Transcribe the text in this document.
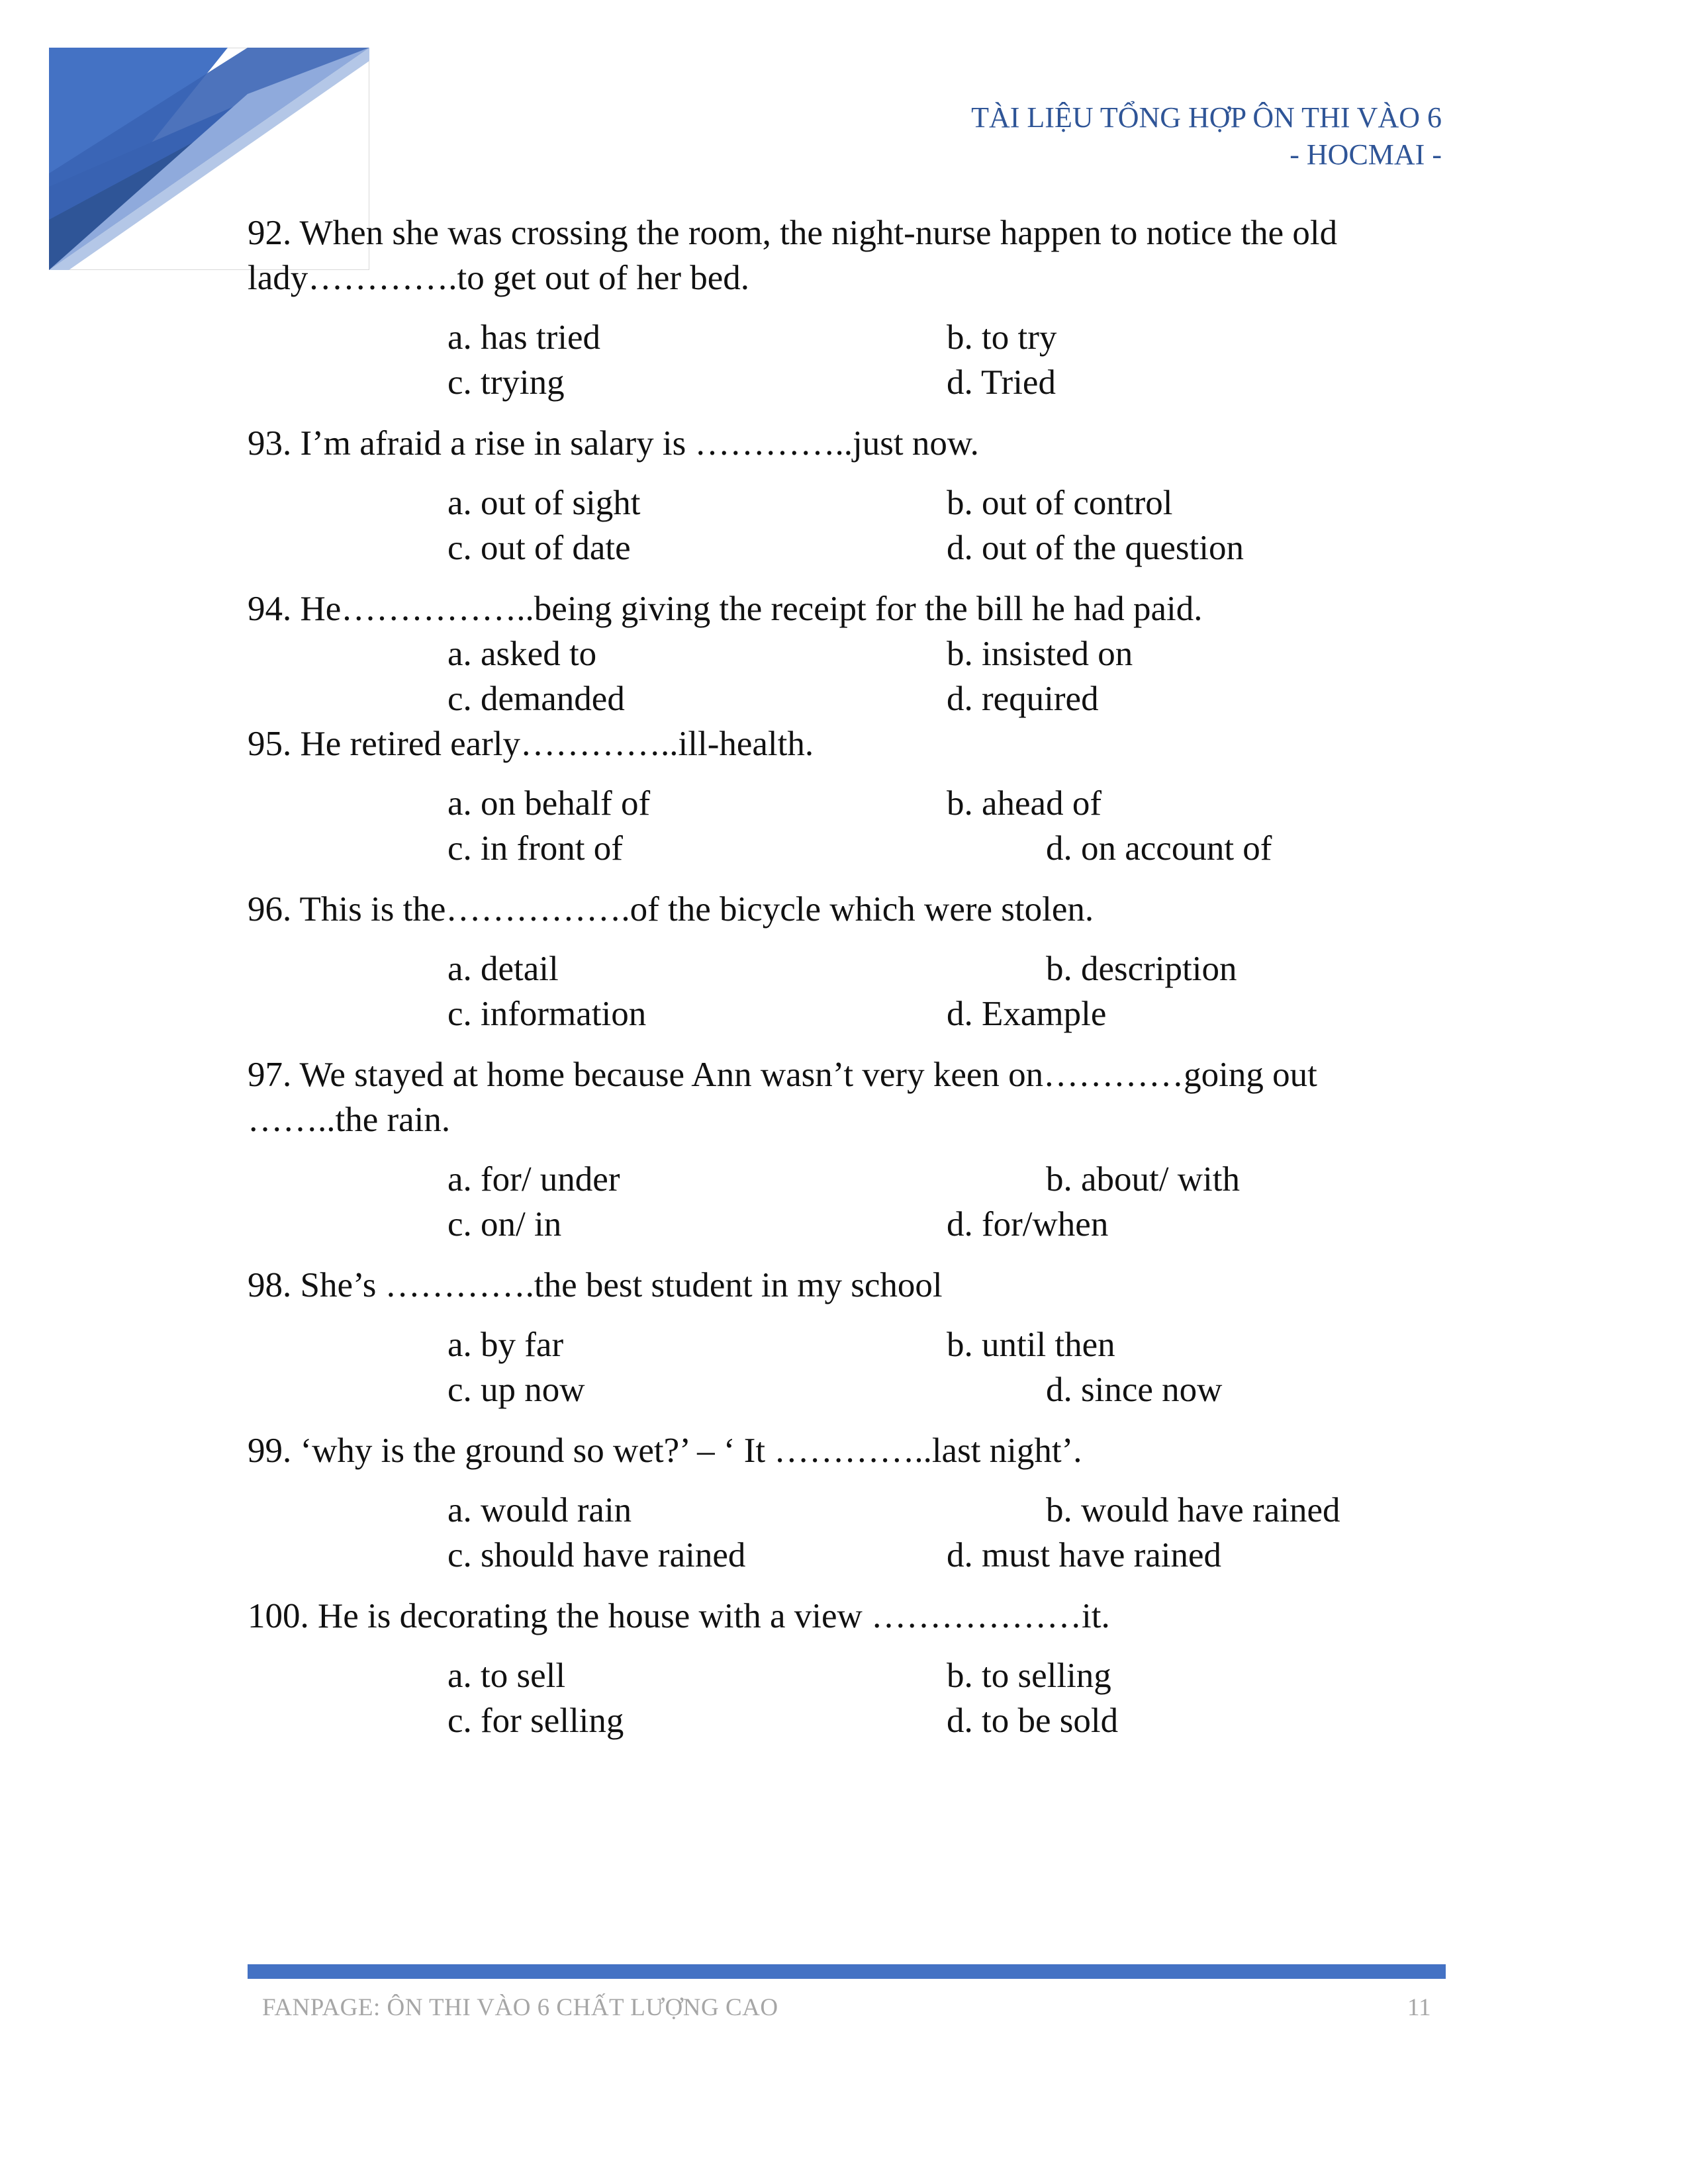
TÀI LIỆU TỔNG HỢP ÔN THI VÀO 6
- HOCMAI -
92. When she was crossing the room, the night-nurse happen to notice the old lady………….to get out of her bed.
a. has tried	b. to try
c. trying	d. Tried
93. I’m afraid a rise in salary is …………..just now.
a. out of sight	b. out of control
c. out of date	d. out of the question
94. He……………..being giving the receipt for the bill he had paid.
a. asked to	b. insisted on
c. demanded	d. required
95. He retired early…………..ill-health.
a. on behalf of	b. ahead of
c. in front of	d. on account of
96. This is the…………….of the bicycle which were stolen.
a. detail	b. description
c. information	d. Example
97. We stayed at home because Ann wasn’t very keen on…………going out ……..the rain.
a. for/ under	b. about/ with
c. on/ in	d. for/when
98. She’s ………….the best student in my school
a. by far	b. until then
c. up now	d. since now
99. ‘why is the ground so wet?’ – ‘ It …………..last night’.
a. would rain	b. would have rained
c. should have rained	d. must have rained
100. He is decorating the house with a view ………………it.
a. to sell	b. to selling
c. for selling	d. to be sold
FANPAGE: ÔN THI VÀO 6 CHẤT LƯỢNG CAO	11
